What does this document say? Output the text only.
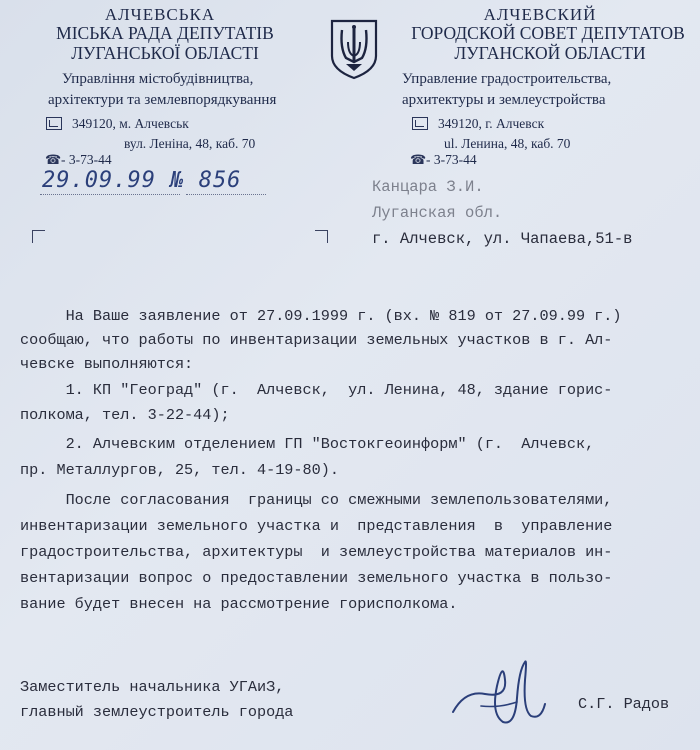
АЛЧЕВСЬКА
МІСЬКА РАДА ДЕПУТАТІВ
ЛУГАНСЬКОЇ ОБЛАСТІ
Управління містобудівництва,
архітектури та землевпорядкування
349120, м. Алчевськ
вул. Леніна, 48, каб. 70
☎ - 3-73-44
АЛЧЕВСКИЙ
ГОРОДСКОЙ СОВЕТ ДЕПУТАТОВ
ЛУГАНСКОЙ ОБЛАСТИ
Управление градостроительства,
архитектуры и землеустройства
349120, г. Алчевск
ul. Ленина, 48, каб. 70
☎ - 3-73-44
29.09.99 № 856	Канцара З.И.
Луганская обл.
г. Алчевск, ул. Чапаева,51-в
На Ваше заявление от 27.09.1999 г. (вх. № 819 от 27.09.99 г.)
сообщаю, что работы по инвентаризации земельных участков в г. Ал-
чевске выполняются:
1. КП "Геоград" (г.  Алчевск,  ул. Ленина, 48, здание горис-
полкома, тел. 3-22-44);
2. Алчевским отделением ГП "Востокгеоинформ" (г.  Алчевск,
пр. Металлургов, 25, тел. 4-19-80).
После согласования  границы со смежными землепользователями,
инвентаризации земельного участка и  представления  в  управление
градостроительства, архитектуры  и землеустройства материалов ин-
вентаризации вопрос о предоставлении земельного участка в пользо-
вание будет внесен на рассмотрение горисполкома.
Заместитель начальника УГАиЗ,
главный землеустроитель города	С.Г. Радов
